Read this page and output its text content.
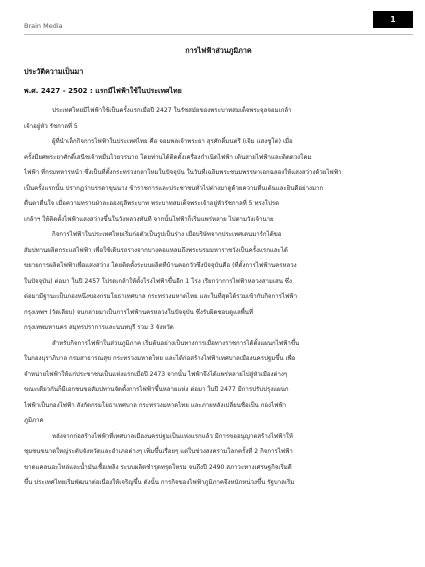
Brain Media
1
การไฟฟ้าส่วนภูมิภาค
ประวัติความเป็นมา
พ.ศ. 2427 - 2502 : แรกมีไฟฟ้าใช้ในประเทศไทย
ประเทศไทยมีไฟฟ้าใช้เป็นครั้งแรกเมื่อปี 2427 ในรัชสมัยของพระบาทสมเด็จพระจุลจอมเกล้า
เจ้าอยู่หัว รัชกาลที่ 5
ผู้ที่นำเล็กกิจการไฟฟ้าในประเทศไทย คือ จอมพลเจ้าพระยา สุรศักดิ์มนตรี (เจิม แสงชูโต) เมื่อ
ครั้งมียศพระยาศักดิ์เสนีชเจ้าหมื่นไวยวรนาถ โดยท่านได้ติดตั้งเครื่องกำเนิดไฟฟ้า เดินสายไฟฟ้าและติดดวงโคม
ไฟฟ้า ที่กรมทหารหน้า ซึ่งเป็นที่ตั้งกระทรวงกลาโหมในปัจจุบัน ในวันที่เฉลิมพระชนมพรรษาเอกฉลองให้แสงสว่างด้วยไฟฟ้า
เป็นครั้งแรกนั้น ปรากฏว่าบรรดาขุนนาง ข้าราชการและประชาชนทั่วไปต่างมาดูด้วยความตื่นเต้นและยินดีอย่างมาก
ตื่นตาตื่นใจ เมื่อความทราบฝ่าละอองธุลีพระบาท พระบาทสมเด็จพระเจ้าอยู่หัวรัชกาลที่ 5 ทรงโปรด
เกล้าฯ ให้ติดตั้งไฟฟ้าแสงสว่างขึ้นในวังหลวงทันที จากนั้นไฟฟ้าก็เริ่มแพร่หลาย ไปตามวังเจ้านาย
กิจการไฟฟ้าในประเทศไทยเริ่มก่อตัวเป็นรูปเป็นร่าง เมื่อบริษัทจากประเทศเดนมาร์กได้ขอ
สัมปทานผลิตกระแสไฟฟ้า เพื่อใช้เดินรถรางจากบางคอแหลมถึงพระบรมมหาราชวังเป็นครั้งแรกและได้
ขยายการผลิตไฟฟ้าเพื่อแสงสว่าง โดยติดตั้งระบบผลิตที่บ้านคอกวัวซึ่งปัจจุบันคือ (ที่ตั้งการไฟฟ้านครหลวง
ในปัจจุบัน) ต่อมา ในปี 2457 โปรดเกล้าให้ตั้งโรงไฟฟ้าขึ้นอีก 1 โรง เรียกว่าการไฟฟ้าหลวงสามเสน ซึ่ง
ต่อมามีฐานะเป็นกองหนึ่งของกรมโยธาเทศบาล กระทรวงมหาดไทย และในที่สุดได้รวมเข้ากับกิจการไฟฟ้า
กรุงเทพฯ (วัดเลียบ) จนกลายมาเป็นการไฟฟ้านครหลวงในปัจจุบัน ซึ่งรับผิดชอบดูแลพื้นที่
กรุงเทพมหานคร สมุทรปราการและนนทบุรี รวม 3 จังหวัด
สำหรับกิจการไฟฟ้าในส่วนภูมิภาค เริ่มต้นอย่างเป็นทางการเมื่อทางราชการได้ตั้งแผนกไฟฟ้าขึ้น
ในกองบุราภิบาล กรมสาธารณสุข กระทรวงมหาดไทย และได้ก่อสร้างไฟฟ้าเทศบาลเมืองนครปฐมขึ้น เพื่อ
จำหน่ายไฟฟ้าให้แก่ประชาชนเป็นแห่งแรกเมื่อปี 2473 จากนั้น ไฟฟ้าจึงได้แพร่หลายไปสู่หัวเมืองต่างๆ
ขณะเดียวกันก็มีเอกชนขอสัมปทานจัดตั้งการไฟฟ้าขึ้นหลายแห่ง ต่อมา ในปี 2477 มีการปรับปรุงแผนก
ไฟฟ้าเป็นกองไฟฟ้า สังกัดกรมโยธาเทศบาล กระทรวงมหาดไทย และภายหลังเปลี่ยนชื่อเป็น กองไฟฟ้า
ภูมิภาค
หลังจากก่อสร้างไฟฟ้าที่เทศบาลเมืองนครปฐมเป็นแห่งแรกแล้ว มีการขออนุญาตสร้างไฟฟ้าให้
ชุมชนขนาดใหญ่ระดับจังหวัดและอำเภอต่างๆ เพิ่มขึ้นเรื่อยๆ แต่ในช่วงสงครามโลกครั้งที่ 2 กิจการไฟฟ้า
ขาดแคลนอะไหล่และน้ำมันเชื้อเพลิง ระบบผลิตชำรุดทรุดโทรม จนถึงปี 2490 สภาวะทางเศรษฐกิจเริ่มดี
ขึ้น ประเทศไทยเริ่มพัฒนาต่อเนื่องให้เจริญขึ้น ดังนั้น การกิจของไฟฟ้าภูมิภาคจึงหนักหน่วงขึ้น รัฐบาลเริ่ม
